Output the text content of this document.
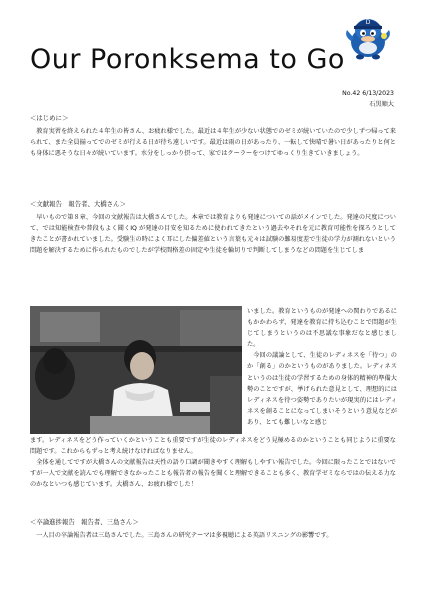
Our Poronksema to Go
D
No.42 6/13/2023
石黒順大
＜はじめに＞

　教育実習を終えられた４年生の皆さん、お疲れ様でした。最近は４年生が少ない状態でのゼミが続いていたので少しずつ帰って来られて、また全員揃ってでのゼミが行える日が待ち遠しいです。最近は雨の日があったり、一転して快晴で暑い日があったりと何とも身体に悪そうな日々が続いています。水分をしっかり摂って、家ではクーラーをつけてゆっくり生きていきましょう。

＜文献報告　報告者、大橋さん＞

　早いもので第８章、今回の文献報告は大橋さんでした。本章では教育よりも発達についての話がメインでした。発達の尺度について、では知能検査や普段もよく聞くIQ が発達の目安を知るために使われてきたという過去やそれを元に教育可能性を探ろうとしてきたことが書かれていました。受験生の時によく耳にした偏差値という言葉も元々は試験の難易度差で生徒の学力が測れないという問題を解決するために作られたものでしたが学校間格差の固定や生徒を輪切りで判断してしまうなどの問題を生じてしま

いました。教育というものが発達への関わりであるにもかかわらず、発達を教育に持ち込むことで問題が生じてしまうというのは不思議な事象だなと感じました。
　今回の議論として、生徒のレディネスを「待つ」のか「創る」のかというものがありました。レディネスというのは生徒の学習するための身体的精神的準備大勢のことですが、挙げられた意見として、理想的にはレディネスを待つ姿勢でありたいが現実的にはレディネスを創ることになってしまいそうという意見などがあり、とても難しいなと感じ

ます。レディネスをどう作っていくかということも重要ですが生徒のレディネスをどう見極めるのかということも同じように重要な問題です。これからもずっと考え続けなければなりません。
　全体を通してですが大橋さんの文献報告は天性の語り口調が聞きやすく理解もしやすい報告でした。今回に限ったことではないですが一人で文献を読んでも理解できなかったことも報告者の報告を聞くと理解できることも多く、教育学ゼミならではの伝える力なのかなといつも感じています。大橋さん、お疲れ様でした！

＜卒論進捗報告　報告者、三島さん＞

　一人目の卒論報告者は三島さんでした。三島さんの研究テーマは多視聴による英語リスニングの影響です。
